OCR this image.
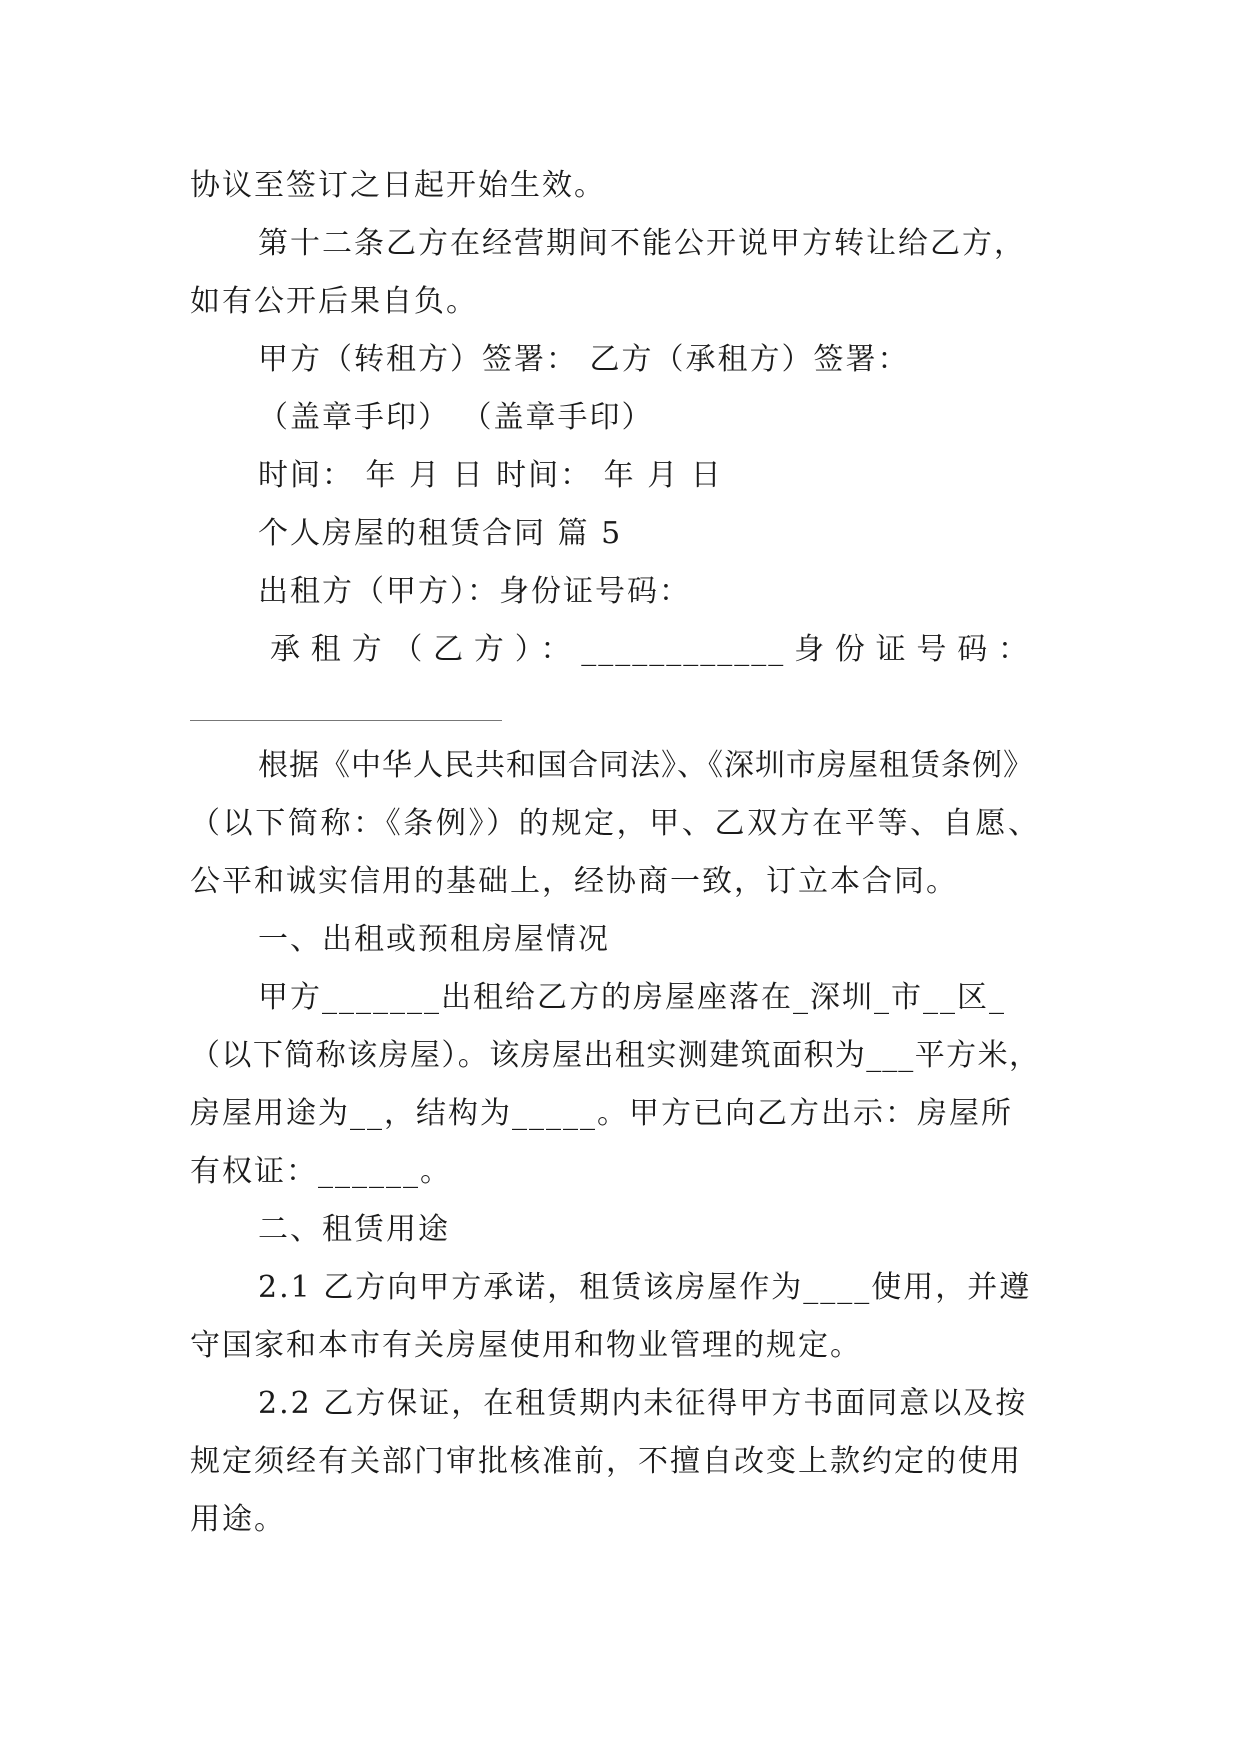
协议至签订之日起开始生效。
第十二条乙方在经营期间不能公开说甲方转让给乙方，
如有公开后果自负。
甲方（转租方）签署： 乙方（承租方）签署：
（盖章手印） （盖章手印）
时间： 年 月 日 时间： 年 月 日
个人房屋的租赁合同 篇 5
出租方（甲方）：身份证号码：
承租方（乙方）：____________身份证号码：
根据《中华人民共和国合同法》、《深圳市房屋租赁条例》
（以下简称：《条例》）的规定，甲、乙双方在平等、自愿、
公平和诚实信用的基础上，经协商一致，订立本合同。
一、出租或预租房屋情况
甲方_______出租给乙方的房屋座落在_深圳_市__区_
（以下简称该房屋）。该房屋出租实测建筑面积为___平方米，
房屋用途为__，结构为_____。甲方已向乙方出示：房屋所
有权证：______。
二、租赁用途
2.1 乙方向甲方承诺，租赁该房屋作为____使用，并遵
守国家和本市有关房屋使用和物业管理的规定。
2.2 乙方保证，在租赁期内未征得甲方书面同意以及按
规定须经有关部门审批核准前，不擅自改变上款约定的使用
用途。
